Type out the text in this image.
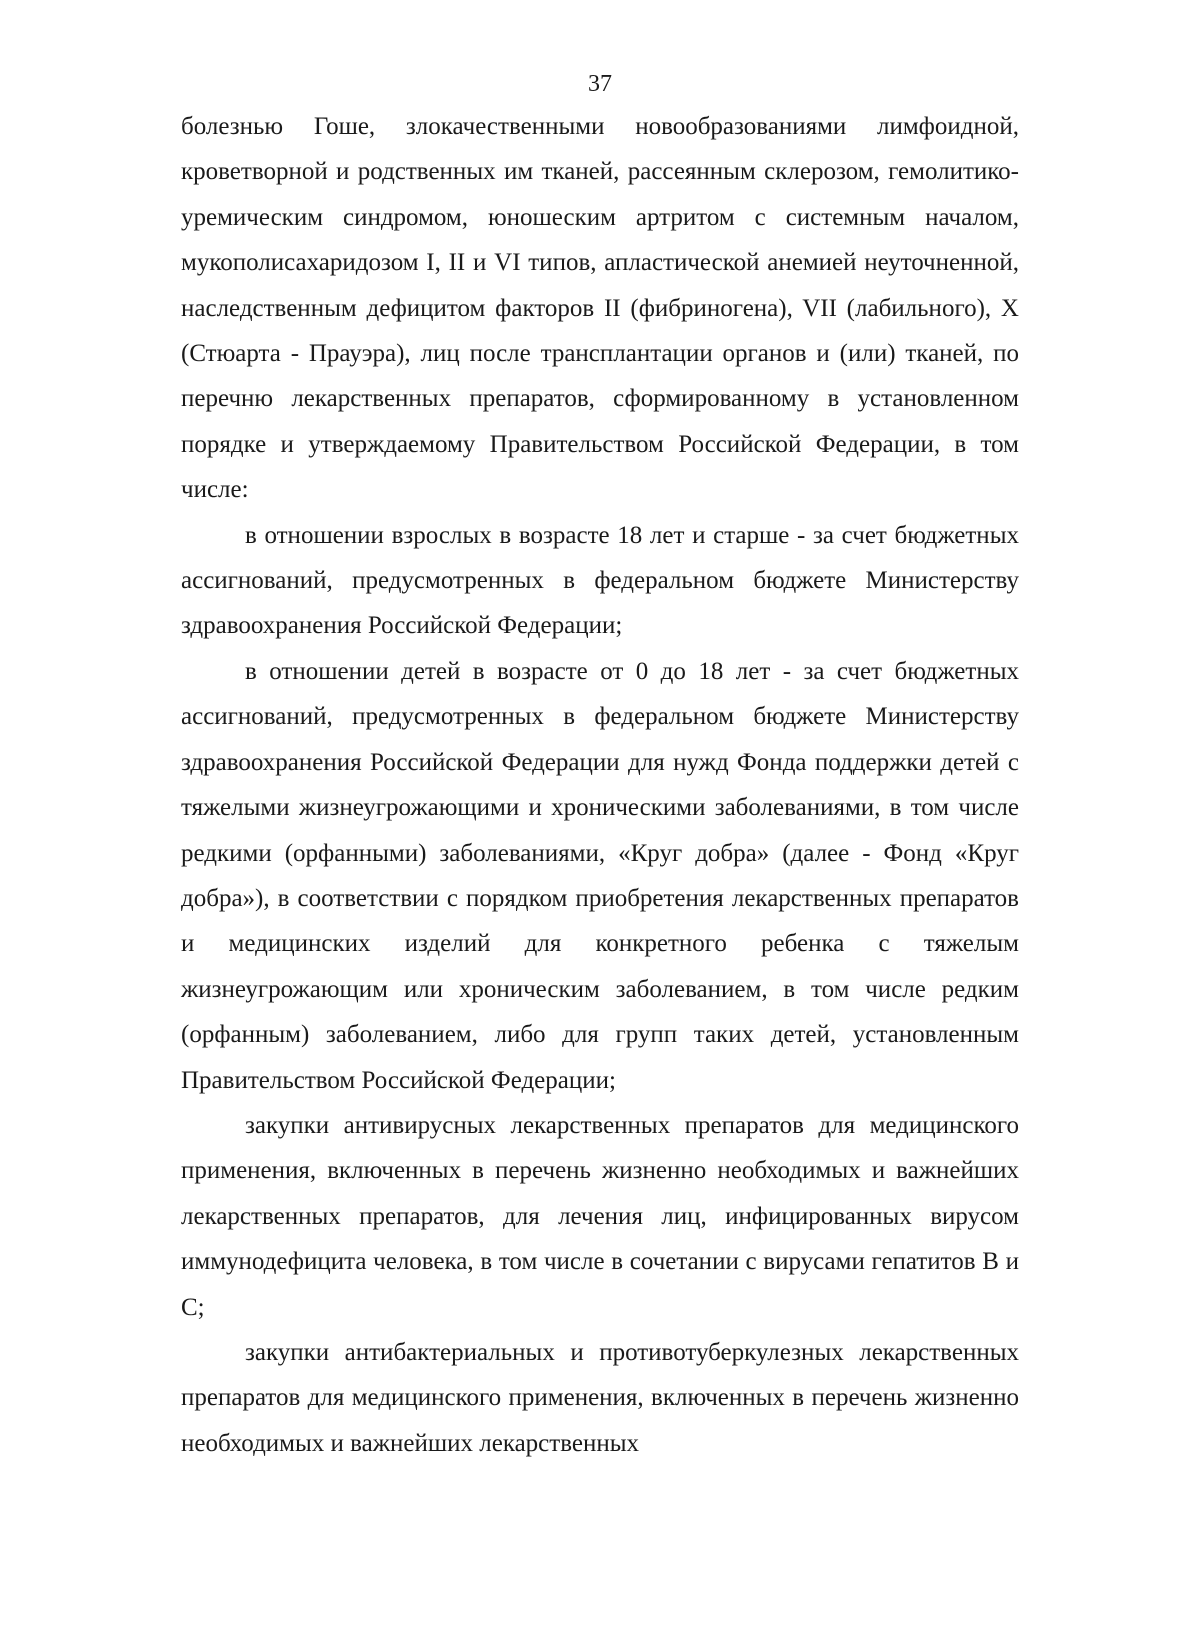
37

болезнью Гоше, злокачественными новообразованиями лимфоидной, кроветворной и родственных им тканей, рассеянным склерозом, гемолитико-уремическим синдромом, юношеским артритом с системным началом, мукополисахаридозом I, II и VI типов, апластической анемией неуточненной, наследственным дефицитом факторов II (фибриногена), VII (лабильного), X (Стюарта - Прауэра), лиц после трансплантации органов и (или) тканей, по перечню лекарственных препаратов, сформированному в установленном порядке и утверждаемому Правительством Российской Федерации, в том числе:

в отношении взрослых в возрасте 18 лет и старше - за счет бюджетных ассигнований, предусмотренных в федеральном бюджете Министерству здравоохранения Российской Федерации;

в отношении детей в возрасте от 0 до 18 лет - за счет бюджетных ассигнований, предусмотренных в федеральном бюджете Министерству здравоохранения Российской Федерации для нужд Фонда поддержки детей с тяжелыми жизнеугрожающими и хроническими заболеваниями, в том числе редкими (орфанными) заболеваниями, «Круг добра» (далее - Фонд «Круг добра»), в соответствии с порядком приобретения лекарственных препаратов и медицинских изделий для конкретного ребенка с тяжелым жизнеугрожающим или хроническим заболеванием, в том числе редким (орфанным) заболеванием, либо для групп таких детей, установленным Правительством Российской Федерации;

закупки антивирусных лекарственных препаратов для медицинского применения, включенных в перечень жизненно необходимых и важнейших лекарственных препаратов, для лечения лиц, инфицированных вирусом иммунодефицита человека, в том числе в сочетании с вирусами гепатитов B и C;

закупки антибактериальных и противотуберкулезных лекарственных препаратов для медицинского применения, включенных в перечень жизненно необходимых и важнейших лекарственных
